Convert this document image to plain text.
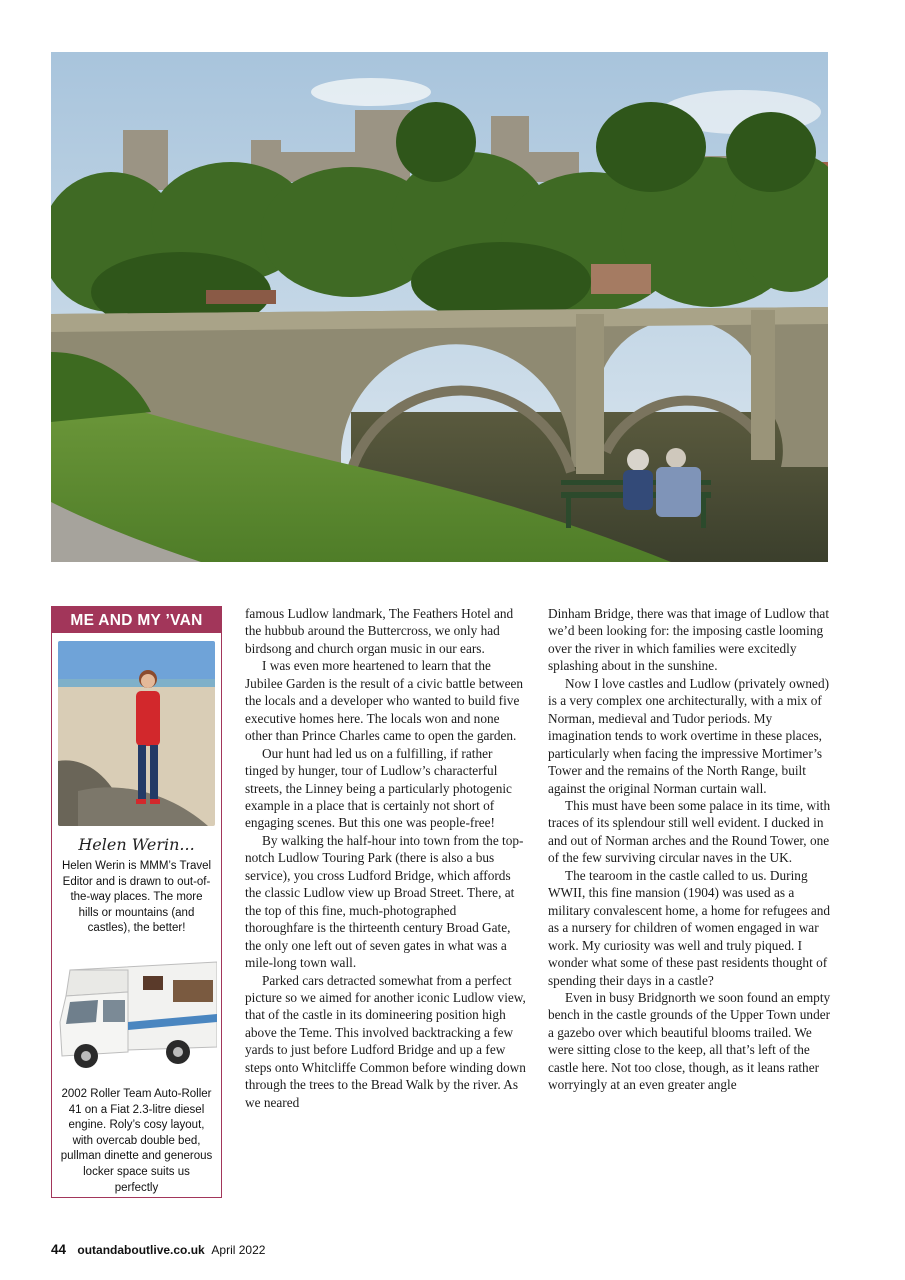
ME AND MY ’VAN
Helen Werin...
Helen Werin is MMM’s Travel Editor and is drawn to out-of-the-way places. The more hills or mountains (and castles), the better!
2002 Roller Team Auto-Roller 41 on a Fiat 2.3-litre diesel engine. Roly’s cosy layout, with overcab double bed, pullman dinette and generous locker space suits us perfectly

famous Ludlow landmark, The Feathers Hotel and the hubbub around the Buttercross, we only had birdsong and church organ music in our ears.

I was even more heartened to learn that the Jubilee Garden is the result of a civic battle between the locals and a developer who wanted to build five executive homes here. The locals won and none other than Prince Charles came to open the garden.

Our hunt had led us on a fulfilling, if rather tinged by hunger, tour of Ludlow’s characterful streets, the Linney being a particularly photogenic example in a place that is certainly not short of engaging scenes. But this one was people-free!

By walking the half-hour into town from the top-notch Ludlow Touring Park (there is also a bus service), you cross Ludford Bridge, which affords the classic Ludlow view up Broad Street. There, at the top of this fine, much-photographed thoroughfare is the thirteenth century Broad Gate, the only one left out of seven gates in what was a mile-long town wall.

Parked cars detracted somewhat from a perfect picture so we aimed for another iconic Ludlow view, that of the castle in its domineering position high above the Teme. This involved backtracking a few yards to just before Ludford Bridge and up a few steps onto Whitcliffe Common before winding down through the trees to the Bread Walk by the river. As we neared

Dinham Bridge, there was that image of Ludlow that we’d been looking for: the imposing castle looming over the river in which families were excitedly splashing about in the sunshine.

Now I love castles and Ludlow (privately owned) is a very complex one architecturally, with a mix of Norman, medieval and Tudor periods. My imagination tends to work overtime in these places, particularly when facing the impressive Mortimer’s Tower and the remains of the North Range, built against the original Norman curtain wall.

This must have been some palace in its time, with traces of its splendour still well evident. I ducked in and out of Norman arches and the Round Tower, one of the few surviving circular naves in the UK.

The tearoom in the castle called to us. During WWII, this fine mansion (1904) was used as a military convalescent home, a home for refugees and as a nursery for children of women engaged in war work. My curiosity was well and truly piqued. I wonder what some of these past residents thought of spending their days in a castle?

Even in busy Bridgnorth we soon found an empty bench in the castle grounds of the Upper Town under a gazebo over which beautiful blooms trailed. We were sitting close to the keep, all that’s left of the castle here. Not too close, though, as it leans rather worryingly at an even greater angle

44 outandaboutlive.co.uk April 2022
